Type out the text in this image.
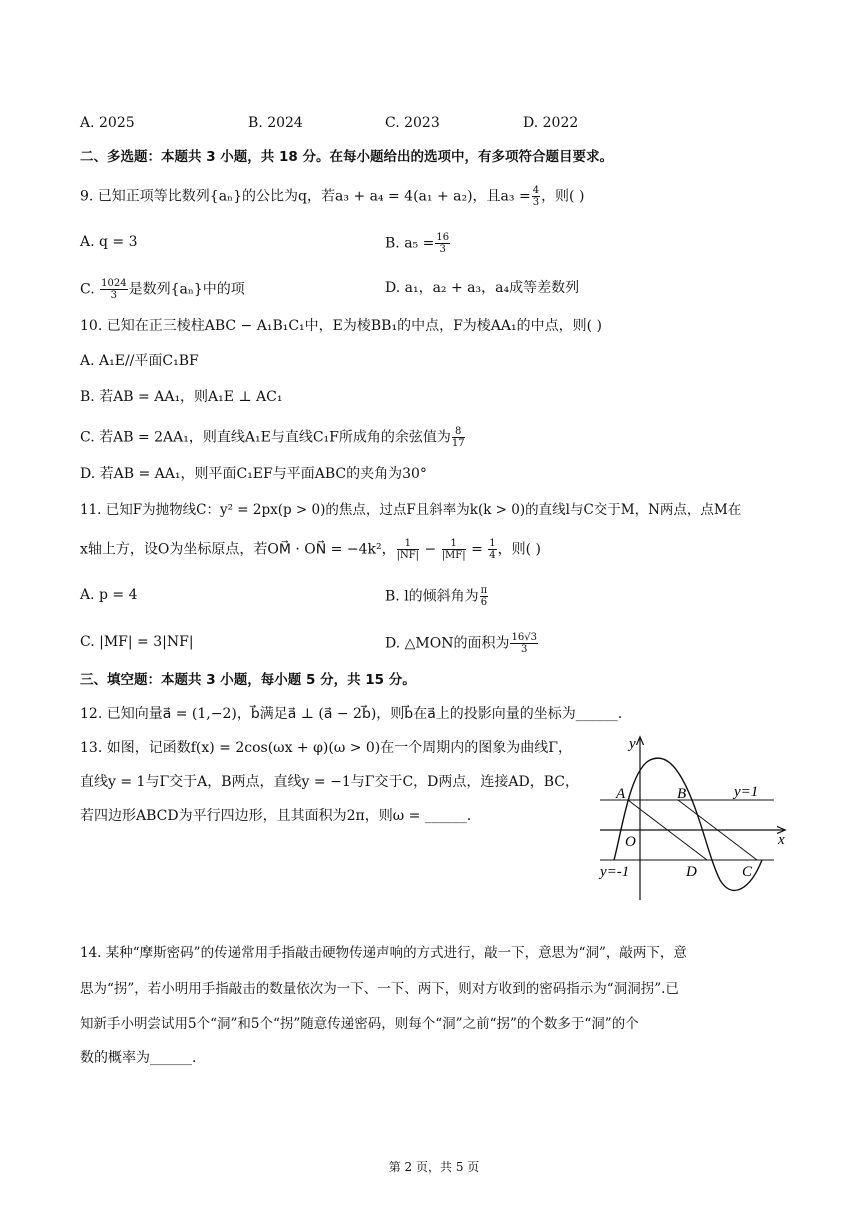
A. 2025	B. 2024	C. 2023	D. 2022
二、多选题：本题共 3 小题，共 18 分。在每小题给出的选项中，有多项符合题目要求。
9. 已知正项等比数列{aₙ}的公比为q，若a₃ + a₄ = 4(a₁ + a₂)，且$a_3 = \frac{4}{3}$ ，则( )
A. q = 3	B. $a_5 = \frac{16}{3}$
C. $\frac{1024}{3}$ 是数列{aₙ}中的项	D. a₁，a₂ + a₃，a₄成等差数列
10. 已知在正三棱柱ABC − A₁B₁C₁中，E为棱BB₁的中点，F为棱AA₁的中点，则( )
A. A₁E//平面C₁BF
B. 若AB = AA₁，则A₁E ⊥ AC₁
C. 若AB = 2AA₁，则直线A₁E与直线C₁F所成角的余弦值为 $\frac{8}{17}$
D. 若AB = AA₁，则平面C₁EF与平面ABC的夹角为30°
11. 已知F为抛物线C：y² = 2px(p > 0)的焦点，过点F且斜率为k(k > 0)的直线l与C交于M，N两点，点M在
x轴上方，设O为坐标原点，若OM⃗ · ON⃗ = −4k²， $\frac{1}{|NF|} - \frac{1}{|MF|} = \frac{1}{4}$ ，则( )
A. p = 4	B. l的倾斜角为 $\frac{\pi}{6}$
C. |MF| = 3|NF|	D. △MON的面积为 $\frac{16√3}{3}$
三、填空题：本题共 3 小题，每小题 5 分，共 15 分。
12. 已知向量a⃗ = (1,−2)，b⃗满足a⃗ ⊥ (a⃗ − 2b⃗)，则b⃗在a⃗上的投影向量的坐标为______.
13. 如图，记函数f(x) = 2cos(ωx + φ)(ω > 0)在一个周期内的图象为曲线Γ，
直线y = 1与Γ交于A，B两点，直线y = −1与Γ交于C，D两点，连接AD，BC，
若四边形ABCD为平行四边形，且其面积为2π，则ω = ______.
y
x
O
A	B
C
D
y=1
y=-1
14. 某种“摩斯密码”的传递常用手指敲击硬物传递声响的方式进行，敲一下，意思为“洞”，敲两下，意
思为“拐”，若小明用手指敲击的数量依次为一下、一下、两下，则对方收到的密码指示为“洞洞拐”.已
知新手小明尝试用5个“洞”和5个“拐”随意传递密码，则每个“洞”之前“拐”的个数多于“洞”的个
数的概率为______.
第 2 页，共 5 页
